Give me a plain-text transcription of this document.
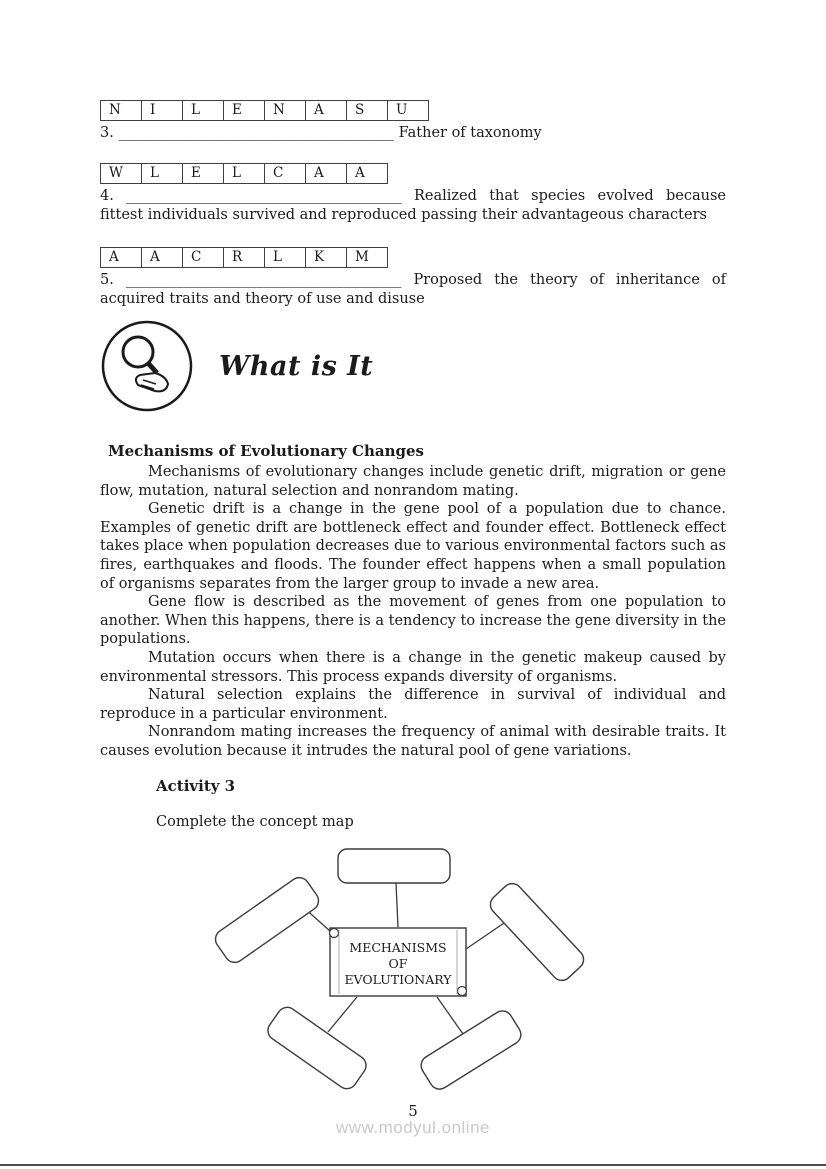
N	I	L	E	N	A	S	U

3. ______________________________________ Father of taxonomy

W	L	E	L	C	A	A

4. ______________________________________ Realized that species evolved because fittest individuals survived and reproduced passing their advantageous characters

A	A	C	R	L	K	M

5. ______________________________________ Proposed the theory of inheritance of acquired traits and theory of use and disuse

What is It
Mechanisms of Evolutionary Changes

Mechanisms of evolutionary changes include genetic drift, migration or gene flow, mutation, natural selection and nonrandom mating.

Genetic drift is a change in the gene pool of a population due to chance. Examples of genetic drift are bottleneck effect and founder effect. Bottleneck effect takes place when population decreases due to various environmental factors such as fires, earthquakes and floods. The founder effect happens when a small population of organisms separates from the larger group to invade a new area.

Gene flow is described as the movement of genes from one population to another. When this happens, there is a tendency to increase the gene diversity in the populations.

Mutation occurs when there is a change in the genetic makeup caused by environmental stressors. This process expands diversity of organisms.

Natural selection explains the difference in survival of individual and reproduce in a particular environment.

Nonrandom mating increases the frequency of animal with desirable traits. It causes evolution because it intrudes the natural pool of gene variations.

Activity 3
Complete the concept map
MECHANISMS
OF
EVOLUTIONARY
5
www.modyul.online
